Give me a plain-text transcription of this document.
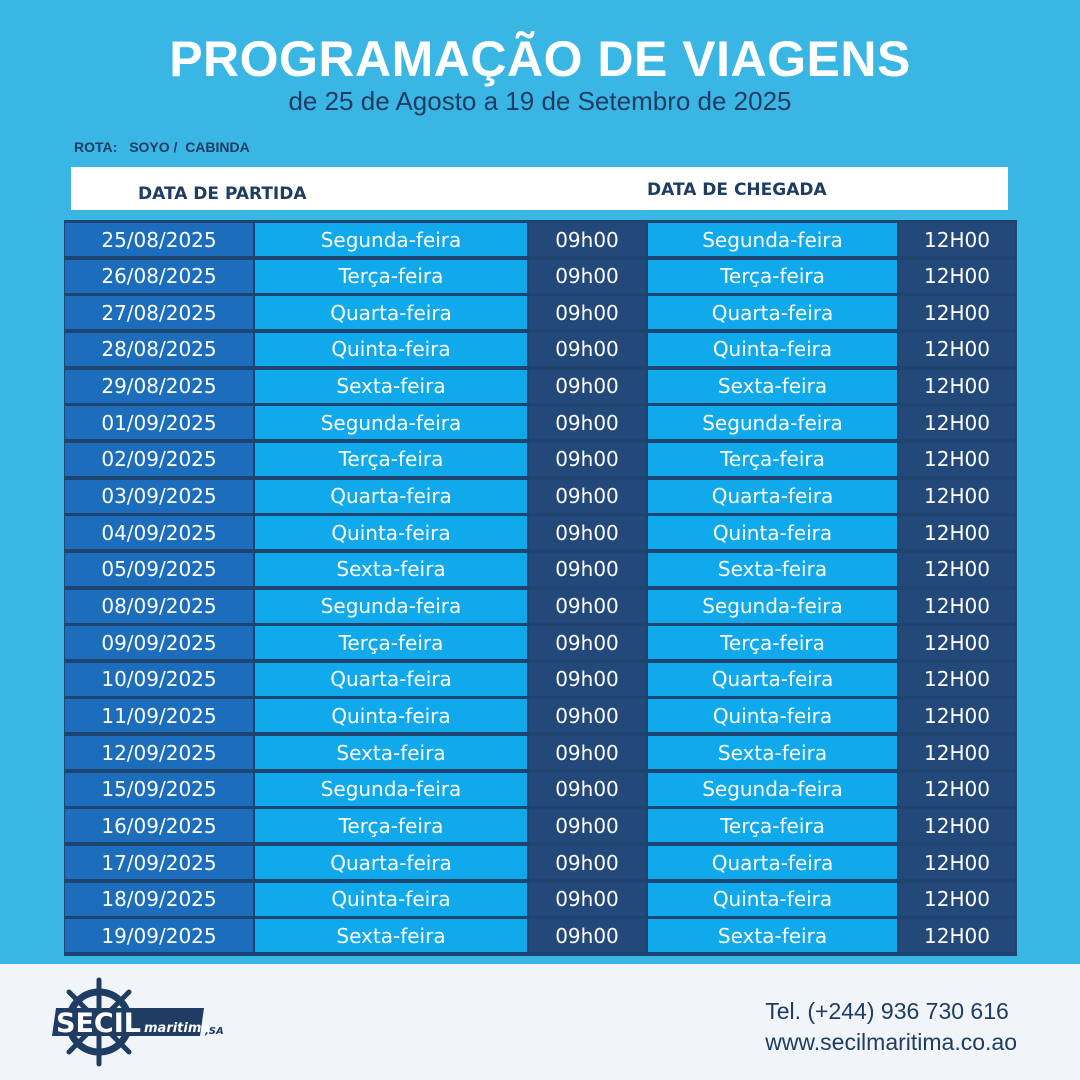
PROGRAMAÇÃO DE VIAGENS
de 25 de Agosto a 19 de Setembro de 2025
ROTA: SOYO /  CABINDA
DATA DE PARTIDA	DATA DE CHEGADA
25/08/2025	Segunda-feira	09h00	Segunda-feira	12H00
26/08/2025	Terça-feira	09h00	Terça-feira	12H00
27/08/2025	Quarta-feira	09h00	Quarta-feira	12H00
28/08/2025	Quinta-feira	09h00	Quinta-feira	12H00
29/08/2025	Sexta-feira	09h00	Sexta-feira	12H00
01/09/2025	Segunda-feira	09h00	Segunda-feira	12H00
02/09/2025	Terça-feira	09h00	Terça-feira	12H00
03/09/2025	Quarta-feira	09h00	Quarta-feira	12H00
04/09/2025	Quinta-feira	09h00	Quinta-feira	12H00
05/09/2025	Sexta-feira	09h00	Sexta-feira	12H00
08/09/2025	Segunda-feira	09h00	Segunda-feira	12H00
09/09/2025	Terça-feira	09h00	Terça-feira	12H00
10/09/2025	Quarta-feira	09h00	Quarta-feira	12H00
11/09/2025	Quinta-feira	09h00	Quinta-feira	12H00
12/09/2025	Sexta-feira	09h00	Sexta-feira	12H00
15/09/2025	Segunda-feira	09h00	Segunda-feira	12H00
16/09/2025	Terça-feira	09h00	Terça-feira	12H00
17/09/2025	Quarta-feira	09h00	Quarta-feira	12H00
18/09/2025	Quinta-feira	09h00	Quinta-feira	12H00
19/09/2025	Sexta-feira	09h00	Sexta-feira	12H00
SECIL maritima
,SA
Tel. (+244) 936 730 616
www.secilmaritima.co.ao
